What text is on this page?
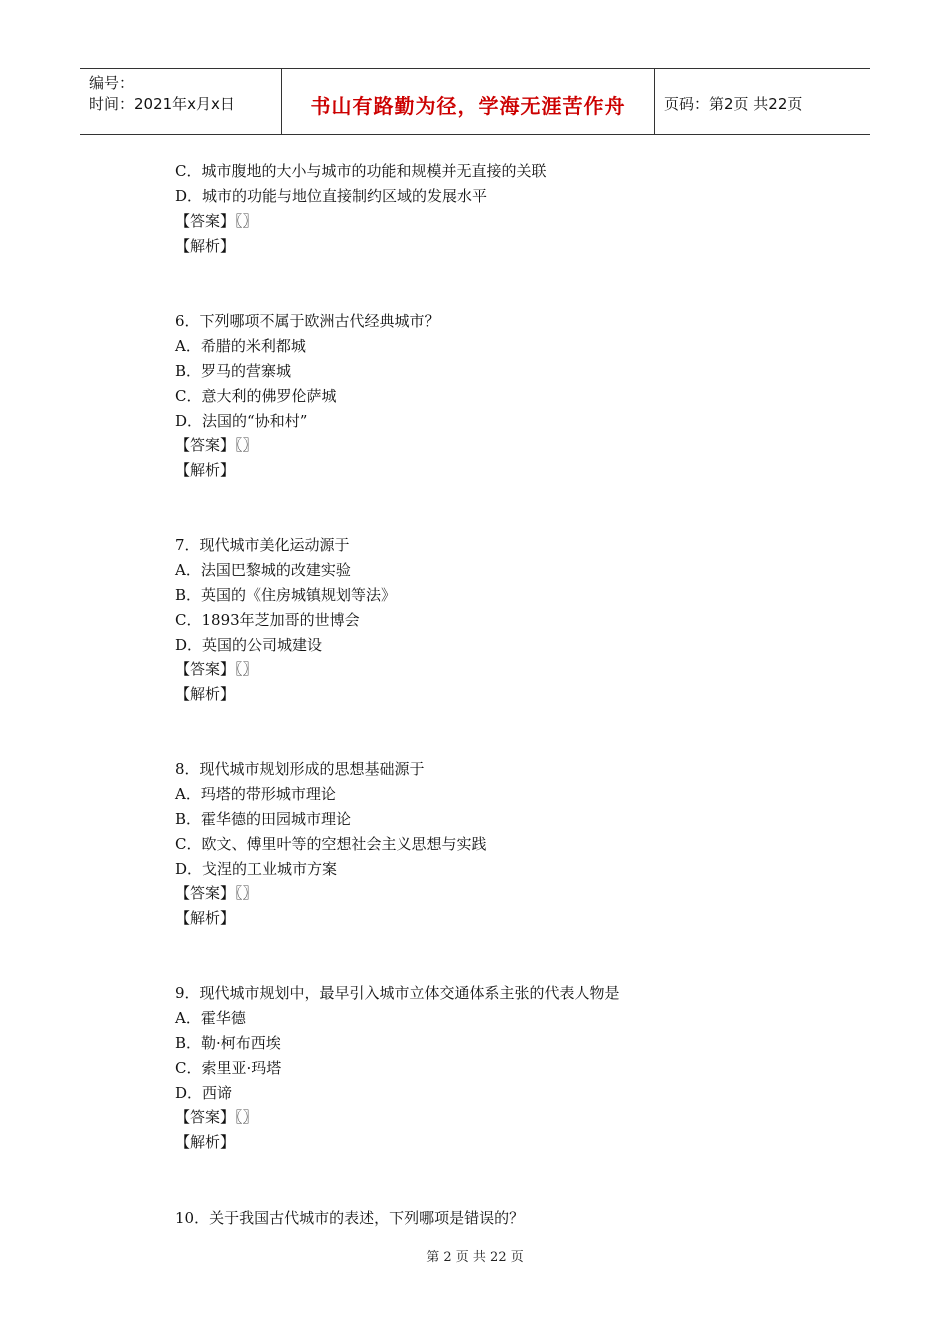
编号：
时间：2021年x月x日	书山有路勤为径，学海无涯苦作舟	页码：第2页 共22页
C．城市腹地的大小与城市的功能和规模并无直接的关联
D．城市的功能与地位直接制约区域的发展水平
【答案】〖〗
【解析】
6．下列哪项不属于欧洲古代经典城市？
A．希腊的米利都城
B．罗马的营寨城
C．意大利的佛罗伦萨城
D．法国的“协和村”
【答案】〖〗
【解析】
7．现代城市美化运动源于
A．法国巴黎城的改建实验
B．英国的《住房城镇规划等法》
C．1893年芝加哥的世博会
D．英国的公司城建设
【答案】〖〗
【解析】
8．现代城市规划形成的思想基础源于
A．玛塔的带形城市理论
B．霍华德的田园城市理论
C．欧文、傅里叶等的空想社会主义思想与实践
D．戈涅的工业城市方案
【答案】〖〗
【解析】
9．现代城市规划中，最早引入城市立体交通体系主张的代表人物是
A．霍华德
B．勒·柯布西埃
C．索里亚·玛塔
D．西谛
【答案】〖〗
【解析】
10．关于我国古代城市的表述，下列哪项是错误的？
第 2 页 共 22 页
